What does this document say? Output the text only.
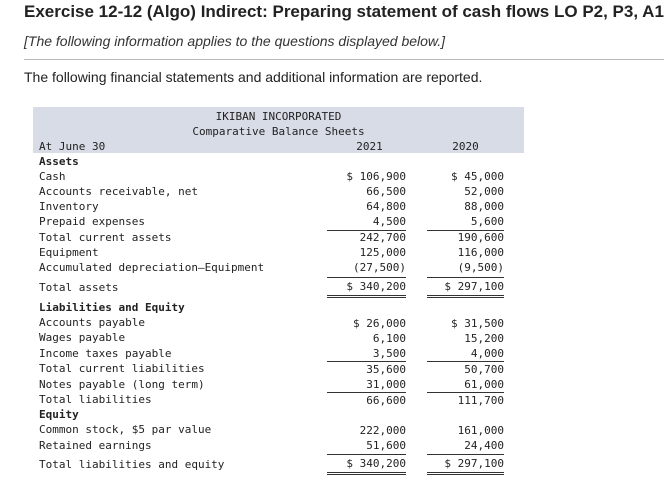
Exercise 12-12 (Algo) Indirect: Preparing statement of cash flows LO P2, P3, A1
[The following information applies to the questions displayed below.]
The following financial statements and additional information are reported.
IKIBAN INCORPORATED
Comparative Balance Sheets
At June 30	2021	2020
Assets
Cash	$ 106,900	$ 45,000
Accounts receivable, net	66,500	52,000
Inventory	64,800	88,000
Prepaid expenses	4,500	5,600
Total current assets	242,700	190,600
Equipment	125,000	116,000
Accumulated depreciation—Equipment	(27,500)	(9,500)
Total assets	$ 340,200	$ 297,100
Liabilities and Equity
Accounts payable	$ 26,000	$ 31,500
Wages payable	6,100	15,200
Income taxes payable	3,500	4,000
Total current liabilities	35,600	50,700
Notes payable (long term)	31,000	61,000
Total liabilities	66,600	111,700
Equity
Common stock, $5 par value	222,000	161,000
Retained earnings	51,600	24,400
Total liabilities and equity	$ 340,200	$ 297,100
